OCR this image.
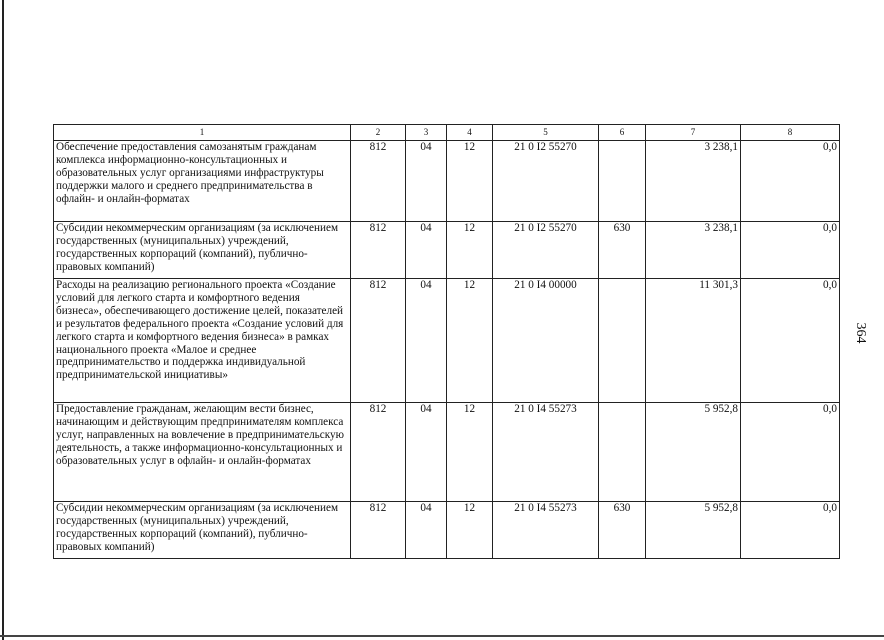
364
1	2	3	4	5	6	7	8
Обеспечение предоставления самозанятым гражданам комплекса информационно-консультационных и образовательных услуг организациями инфраструктуры поддержки малого и среднего предпринимательства в офлайн- и онлайн-форматах	812	04	12	21 0 I2 55270		3 238,1	0,0
Субсидии некоммерческим организациям (за исключением государственных (муниципальных) учреждений, государственных корпораций (компаний), публично-правовых компаний)	812	04	12	21 0 I2 55270	630	3 238,1	0,0
Расходы на реализацию регионального проекта «Создание условий для легкого старта и комфортного ведения бизнеса», обеспечивающего достижение целей, показателей и результатов федерального проекта «Создание условий для легкого старта и комфортного ведения бизнеса» в рамках национального проекта «Малое и среднее предпринимательство и поддержка индивидуальной предпринимательской инициативы»	812	04	12	21 0 I4 00000		11 301,3	0,0
Предоставление гражданам, желающим вести бизнес, начинающим и действующим предпринимателям комплекса услуг, направленных на вовлечение в предпринимательскую деятельность, а также информационно-консультационных и образовательных услуг в офлайн- и онлайн-форматах	812	04	12	21 0 I4 55273		5 952,8	0,0
Субсидии некоммерческим организациям (за исключением государственных (муниципальных) учреждений, государственных корпораций (компаний), публично-правовых компаний)	812	04	12	21 0 I4 55273	630	5 952,8	0,0
